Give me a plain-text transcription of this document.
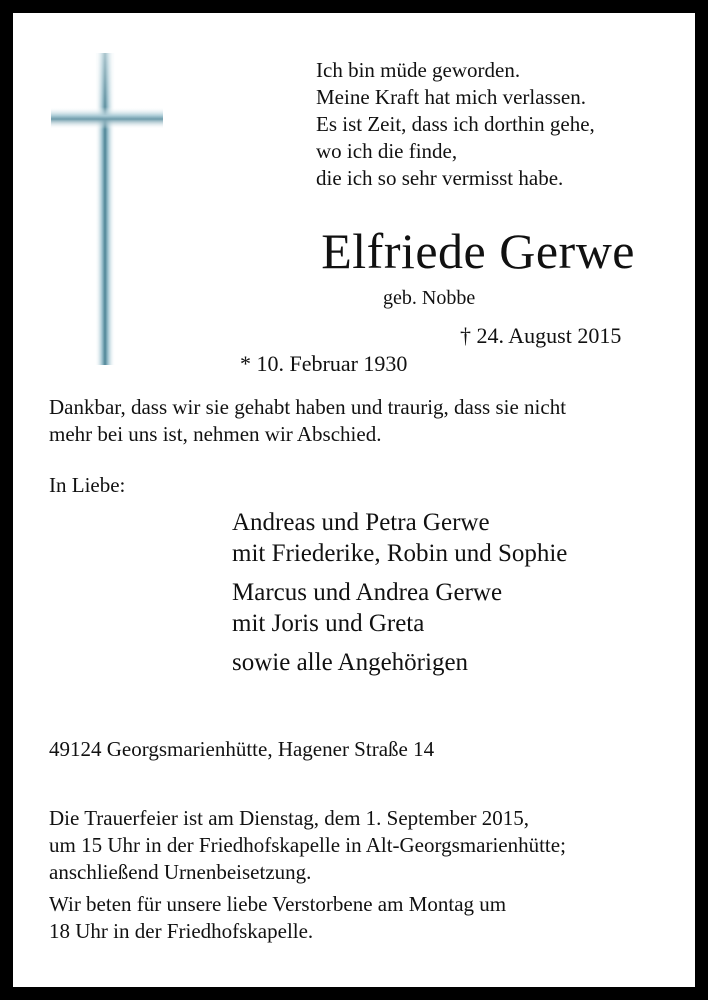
Ich bin müde geworden.
Meine Kraft hat mich verlassen.
Es ist Zeit, dass ich dorthin gehe,
wo ich die finde,
die ich so sehr vermisst habe.
Elfriede Gerwe
geb. Nobbe

* 10. Februar 1930

† 24. August 2015

Dankbar, dass wir sie gehabt haben und traurig, dass sie nicht
mehr bei uns ist, nehmen wir Abschied.
In Liebe:
Andreas und Petra Gerwe
mit Friederike, Robin und Sophie
Marcus und Andrea Gerwe
mit Joris und Greta
sowie alle Angehörigen
49124 Georgsmarienhütte, Hagener Straße 14

Die Trauerfeier ist am Dienstag, dem 1. September 2015,
um 15 Uhr in der Friedhofskapelle in Alt-Georgsmarienhütte;
anschließend Urnenbeisetzung.

Wir beten für unsere liebe Verstorbene am Montag um
18 Uhr in der Friedhofskapelle.
